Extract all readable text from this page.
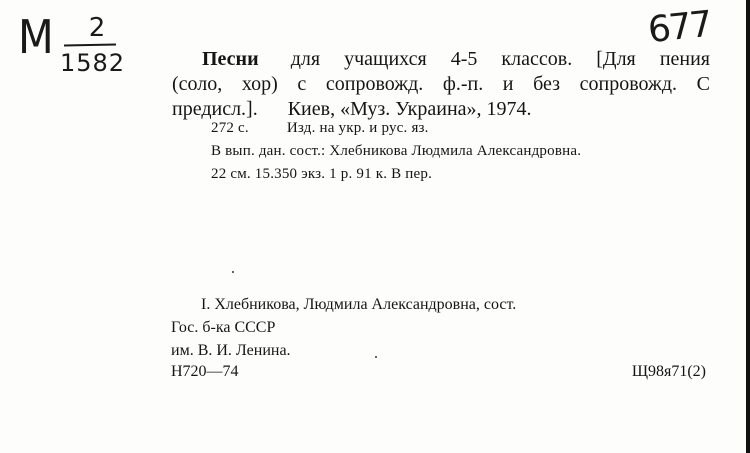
М	2
1582
677
Песни для учащихся 4-5 классов. [Для пения
(соло, хор) с сопровожд. ф.-п. и без сопровожд. С
предисл.]. Киев, «Муз. Украина», 1974.
272 с.	Изд. на укр. и рус. яз.
В вып. дан. сост.: Хлебникова Людмила Александровна.
22 см. 15.350 экз. 1 р. 91 к. В пер.
I. Хлебникова, Людмила Александровна, сост.
Гос. б-ка СССР
им. В. И. Ленина.
Н720—74	Щ98я71(2)
